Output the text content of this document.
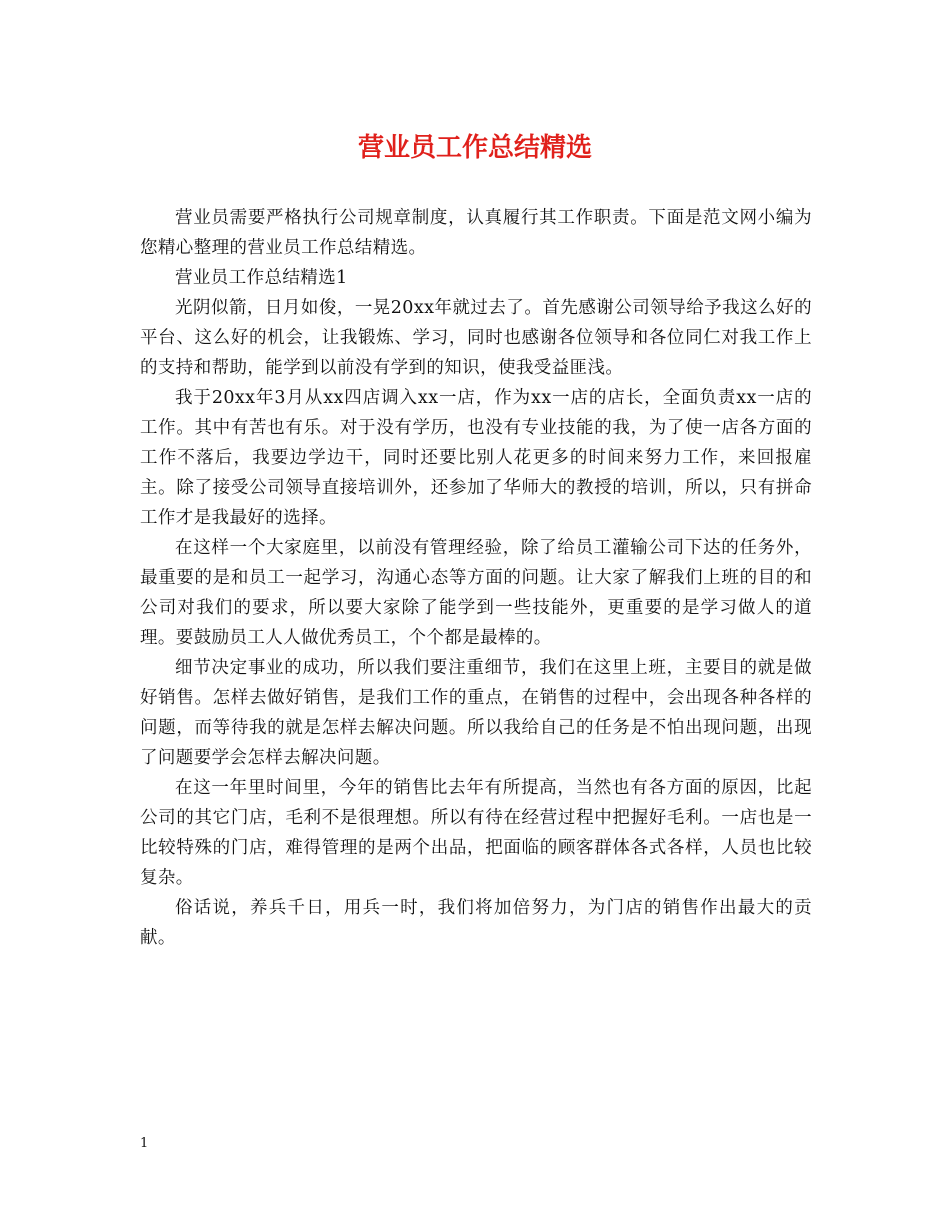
营业员工作总结精选

营业员需要严格执行公司规章制度，认真履行其工作职责。下面是范文网小编为您精心整理的营业员工作总结精选。

营业员工作总结精选1

光阴似箭，日月如俊，一晃20xx年就过去了。首先感谢公司领导给予我这么好的平台、这么好的机会，让我锻炼、学习，同时也感谢各位领导和各位同仁对我工作上的支持和帮助，能学到以前没有学到的知识，使我受益匪浅。

我于20xx年3月从xx四店调入xx一店，作为xx一店的店长，全面负责xx一店的工作。其中有苦也有乐。对于没有学历，也没有专业技能的我，为了使一店各方面的工作不落后，我要边学边干，同时还要比别人花更多的时间来努力工作，来回报雇主。除了接受公司领导直接培训外，还参加了华师大的教授的培训，所以，只有拼命工作才是我最好的选择。

在这样一个大家庭里，以前没有管理经验，除了给员工灌输公司下达的任务外，最重要的是和员工一起学习，沟通心态等方面的问题。让大家了解我们上班的目的和公司对我们的要求，所以要大家除了能学到一些技能外，更重要的是学习做人的道理。要鼓励员工人人做优秀员工，个个都是最棒的。

细节决定事业的成功，所以我们要注重细节，我们在这里上班，主要目的就是做好销售。怎样去做好销售，是我们工作的重点，在销售的过程中，会出现各种各样的问题，而等待我的就是怎样去解决问题。所以我给自己的任务是不怕出现问题，出现了问题要学会怎样去解决问题。

在这一年里时间里，今年的销售比去年有所提高，当然也有各方面的原因，比起公司的其它门店，毛利不是很理想。所以有待在经营过程中把握好毛利。一店也是一比较特殊的门店，难得管理的是两个出品，把面临的顾客群体各式各样，人员也比较复杂。

俗话说，养兵千日，用兵一时，我们将加倍努力，为门店的销售作出最大的贡献。

1
